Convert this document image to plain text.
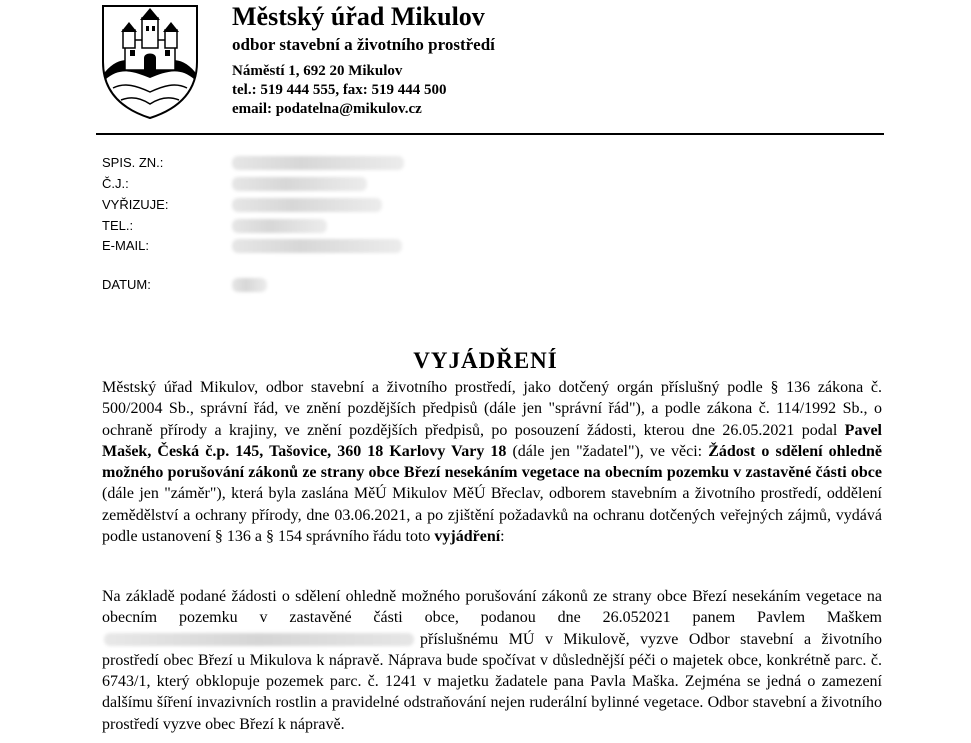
Městský úřad Mikulov
odbor stavební a životního prostředí
Náměstí 1, 692 20 Mikulov
tel.: 519 444 555, fax: 519 444 500
email: podatelna@mikulov.cz
SPIS. ZN.:
Č.J.:
VYŘIZUJE:
TEL.:
E-MAIL:
DATUM:
VYJÁDŘENÍ
Městský úřad Mikulov, odbor stavební a životního prostředí, jako dotčený orgán příslušný podle § 136 zákona č. 500/2004 Sb., správní řád, ve znění pozdějších předpisů (dále jen "správní řád"), a podle zákona č. 114/1992 Sb., o ochraně přírody a krajiny, ve znění pozdějších předpisů, po posouzení žádosti, kterou dne 26.05.2021 podal Pavel Mašek, Česká č.p. 145, Tašovice, 360 18 Karlovy Vary 18 (dále jen "žadatel"), ve věci: Žádost o sdělení ohledně možného porušování zákonů ze strany obce Březí nesekáním vegetace na obecním pozemku v zastavěné části obce (dále jen "záměr"), která byla zaslána MěÚ Mikulov MěÚ Břeclav, odborem stavebním a životního prostředí, oddělení zemědělství a ochrany přírody, dne 03.06.2021, a po zjištění požadavků na ochranu dotčených veřejných zájmů, vydává podle ustanovení § 136 a § 154 správního řádu toto vyjádření:
Na základě podané žádosti o sdělení ohledně možného porušování zákonů ze strany obce Březí nesekáním vegetace na obecním pozemku v zastavěné části obce, podanou dne 26.052021 panem Pavlem Maškempříslušnému MÚ v Mikulově, vyzve Odbor stavební a životního prostředí obec Březí u Mikulova k nápravě. Náprava bude spočívat v důslednější péči o majetek obce, konkrétně parc. č. 6743/1, který obklopuje pozemek parc. č. 1241 v majetku žadatele pana Pavla Maška. Zejména se jedná o zamezení dalšímu šíření invazivních rostlin a pravidelné odstraňování nejen ruderální bylinné vegetace. Odbor stavební a životního prostředí vyzve obec Březí k nápravě.
